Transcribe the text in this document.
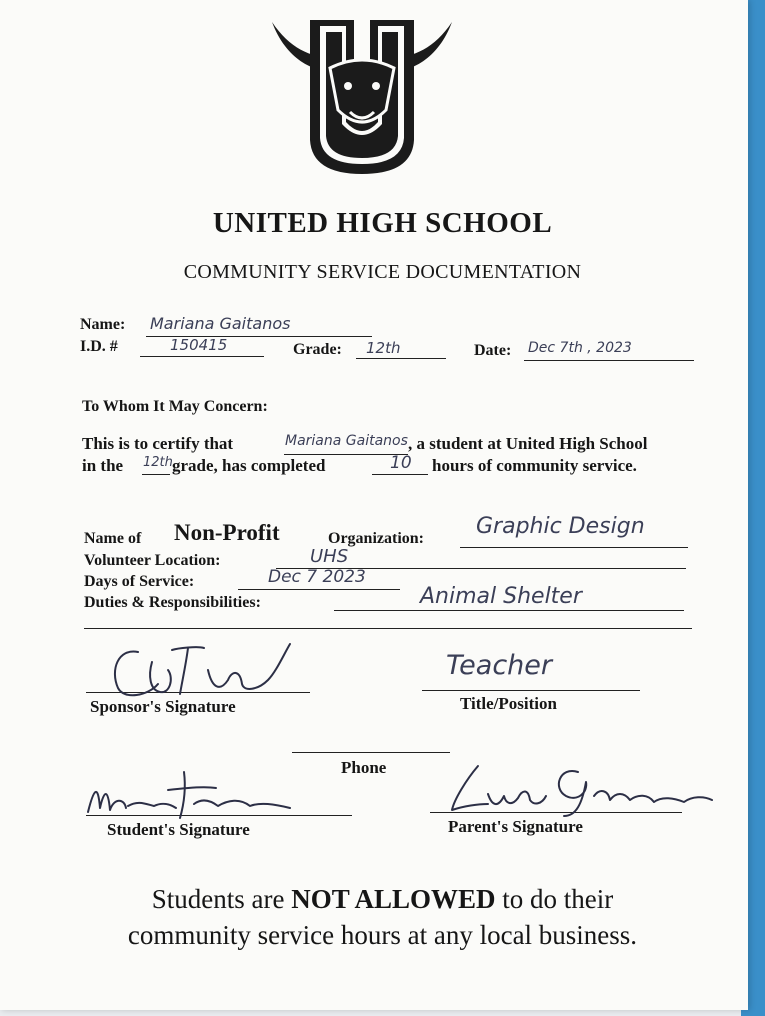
UNITED HIGH SCHOOL
COMMUNITY SERVICE DOCUMENTATION
Name: Mariana Gaitanos
I.D. #	150415	Grade: 12th	Date: Dec 7th , 2023
To Whom It May Concern:
This is to certify that	Mariana Gaitanos , a student at United High School
in the 12th grade, has completed	10 hours of community service.
Name of Non-Profit	Organization: Graphic Design
Volunteer Location:	UHS
Days of Service:	Dec 7 2023
Duties & Responsibilities:	Animal Shelter
Sponsor's Signature
Teacher
Title/Position
Phone
Student's Signature	Parent's Signature
Students are NOT ALLOWED to do their
community service hours at any local business.
